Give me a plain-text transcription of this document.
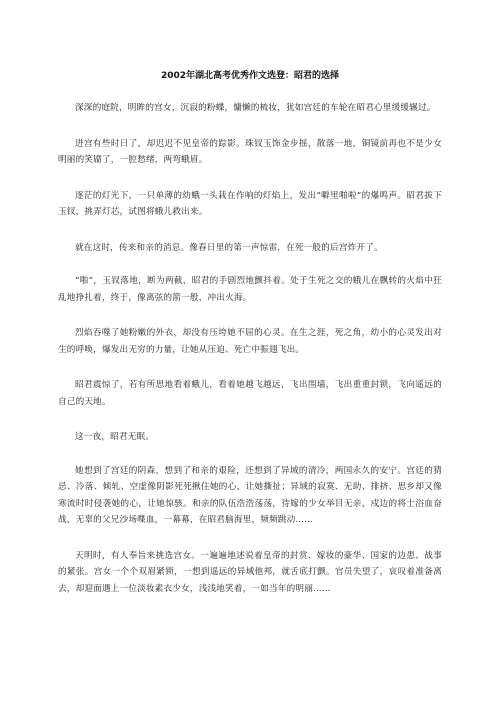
2002年湖北高考优秀作文选登：昭君的选择
深深的庭院，明眸的宫女，沉寂的粉蝶，慵懒的梳妆，犹如宫廷的车轮在昭君心里缓缓辗过。
进宫有些时日了，却迟迟不见皇帝的踪影。珠钗玉饰金步摇，散落一地，铜镜前再也不是少女明丽的笑靥了，一腔愁绪，两弯蛾眉。
逐茫的灯光下，一只单薄的幼蛾一头栽在作响的灯焰上，发出“噼里啪啦”的爆鸣声。昭君拔下玉钗，挑弄灯芯，试图将蛾儿救出来。
就在这时，传来和亲的消息。像春日里的第一声惊雷，在死一般的后宫炸开了。
“啪”，玉钗落地，断为两截，昭君的手剧烈地颤抖着。处于生死之交的蛾儿在飘转的火焰中狂乱地挣扎着，终于，像离弦的箭一般，冲出火海。
烈焰吞噬了她粉嫩的外衣，却没有压垮她不屈的心灵。在生之涯，死之角，幼小的心灵发出对生的呼唤，爆发出无穷的力量，让她从压迫、死亡中振翅飞出。
昭君震惊了，若有所思地看着蛾儿，看着她越飞越远，飞出围墙，飞出重重封锁，飞向遥远的自己的天地。
这一夜，昭君无眠。
她想到了宫廷的阴森，想到了和亲的艰险，还想到了异域的清冷，两国永久的安宁。宫廷的猜忌、冷落、倾轧、空虚像阴影死死揪住她的心，让她撕扯；异域的寂寞、无助、排挤、思乡却又像寒流时时侵袭她的心，让她惊骇。和亲的队伍浩浩荡荡，待嫁的少女举目无亲，戍边的将士浴血奋战，无辜的父兄沙场喋血，一幕幕，在昭君脑海里，频频跳动……
天明时，有人奉旨来挑选宫女。一遍遍地述说着皇帝的封赏、嫁妆的豪华、国家的边患、战事的紧张。宫女一个个双眉紧锁，一想到遥远的异域他邦，就舌底打颤。官员失望了，哀叹着准备离去，却迎面遇上一位淡妆素衣少女，浅浅地笑着，一如当年的明丽……
